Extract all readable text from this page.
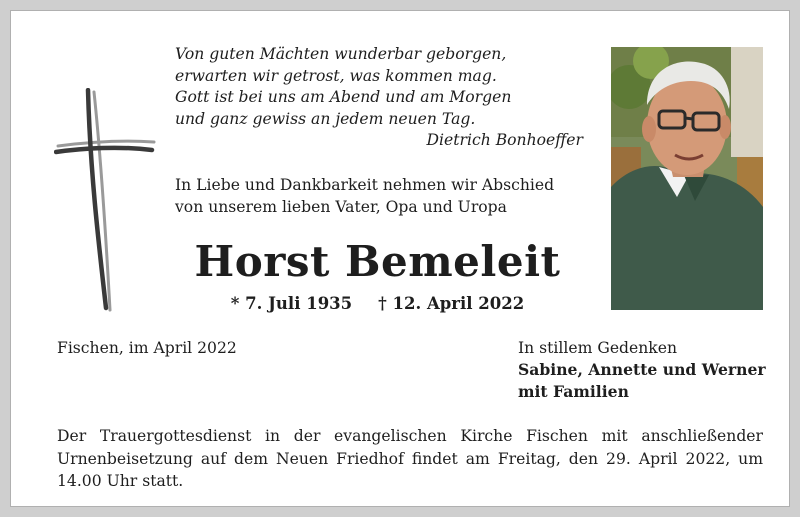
Von guten Mächten wunderbar geborgen,
erwarten wir getrost, was kommen mag.
Gott ist bei uns am Abend und am Morgen
und ganz gewiss an jedem neuen Tag.
Dietrich Bonhoeffer
In Liebe und Dankbarkeit nehmen wir Abschied
von unserem lieben Vater, Opa und Uropa
Horst Bemeleit
* 7. Juli 1935 † 12. April 2022
Fischen, im April 2022	In stillem Gedenken
Sabine, Annette und Werner
mit Familien
Der Trauergottesdienst in der evangelischen Kirche Fischen mit anschließender Urnenbeisetzung auf dem Neuen Friedhof findet am Freitag, den 29. April 2022, um 14.00 Uhr statt.
